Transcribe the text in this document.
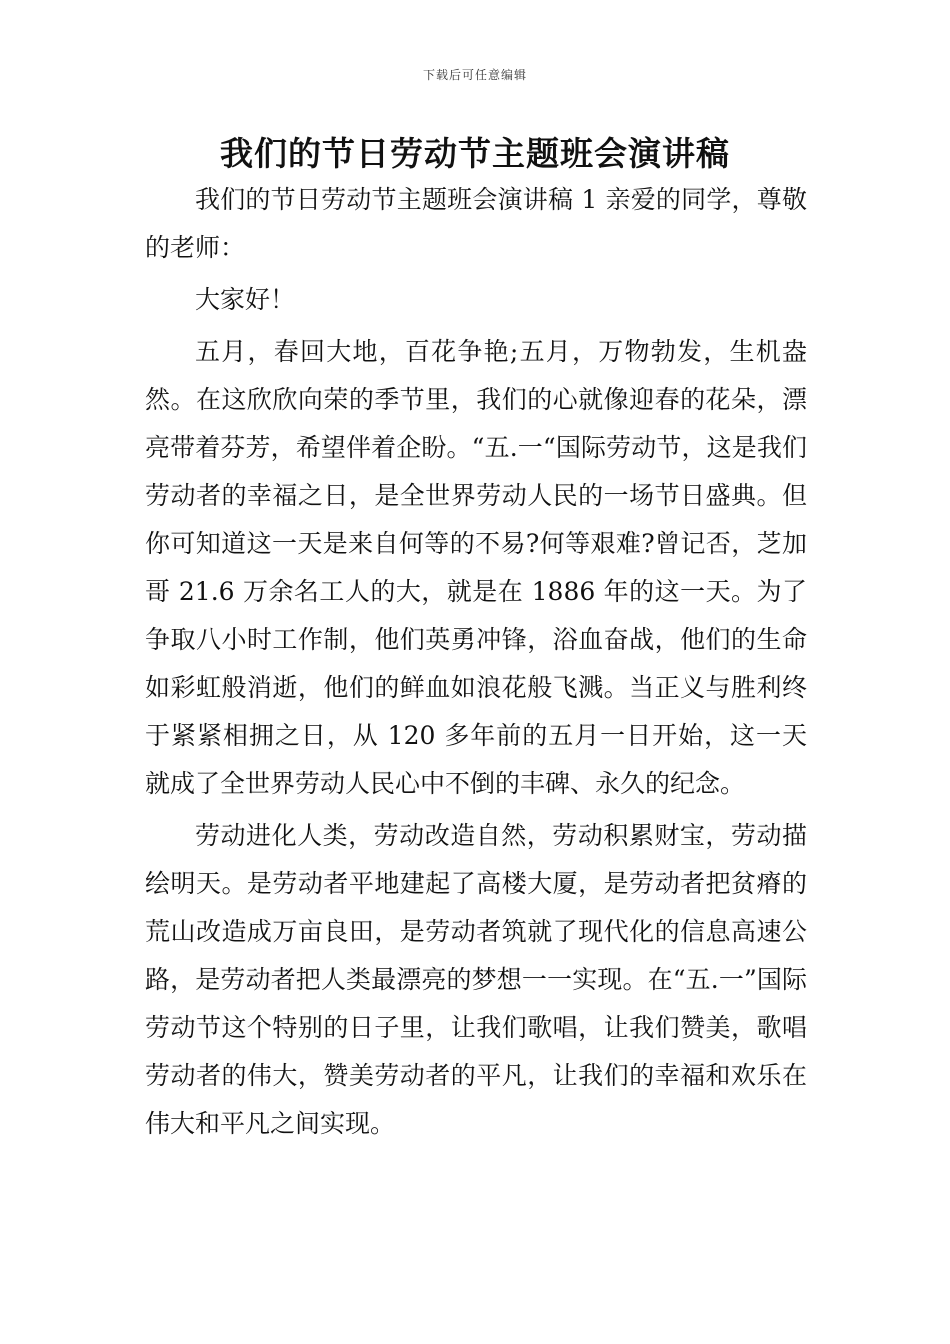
下载后可任意编辑
我们的节日劳动节主题班会演讲稿

我们的节日劳动节主题班会演讲稿 1 亲爱的同学，尊敬的老师：

大家好！

五月，春回大地，百花争艳;五月，万物勃发，生机盎然。在这欣欣向荣的季节里，我们的心就像迎春的花朵，漂亮带着芬芳，希望伴着企盼。“五.一“国际劳动节，这是我们劳动者的幸福之日，是全世界劳动人民的一场节日盛典。但你可知道这一天是来自何等的不易?何等艰难?曾记否，芝加哥 21.6 万余名工人的大，就是在 1886 年的这一天。为了争取八小时工作制，他们英勇冲锋，浴血奋战，他们的生命如彩虹般消逝，他们的鲜血如浪花般飞溅。当正义与胜利终于紧紧相拥之日，从 120 多年前的五月一日开始，这一天就成了全世界劳动人民心中不倒的丰碑、永久的纪念。

劳动进化人类，劳动改造自然，劳动积累财宝，劳动描绘明天。是劳动者平地建起了高楼大厦，是劳动者把贫瘠的荒山改造成万亩良田，是劳动者筑就了现代化的信息高速公路，是劳动者把人类最漂亮的梦想一一实现。在“五.一”国际劳动节这个特别的日子里，让我们歌唱，让我们赞美，歌唱劳动者的伟大，赞美劳动者的平凡，让我们的幸福和欢乐在伟大和平凡之间实现。
